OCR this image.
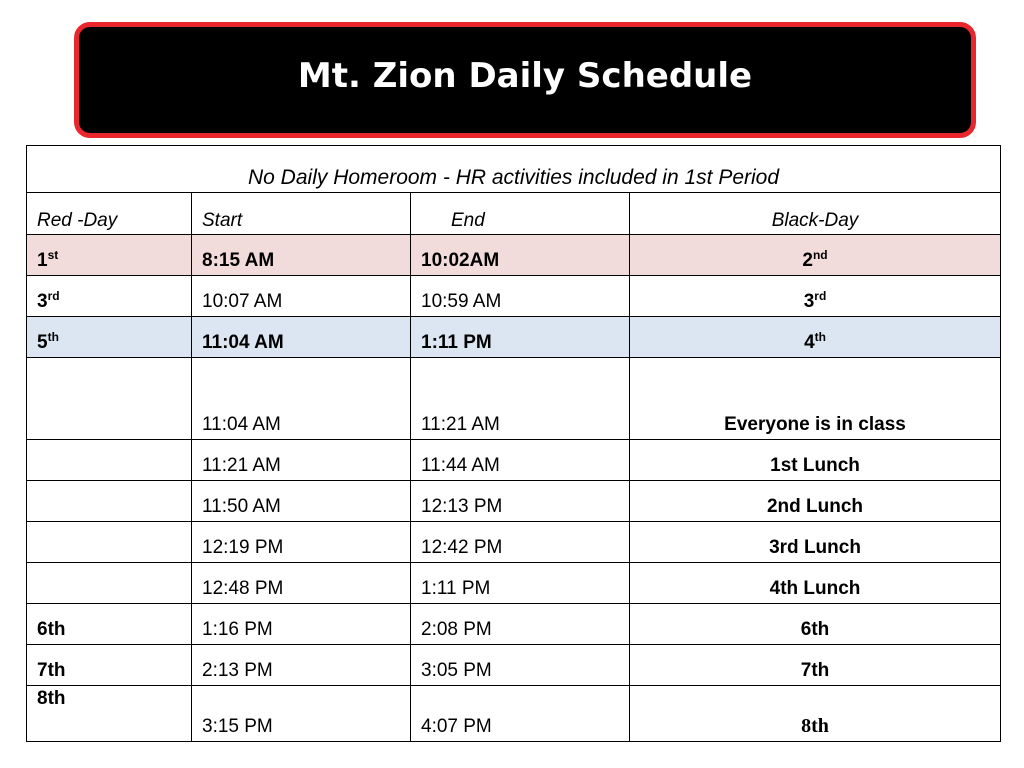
Mt. Zion Daily Schedule
No Daily Homeroom - HR activities included in 1st Period			
Red -Day	Start	End	Black-Day
1st	8:15 AM	10:02AM	2nd
3rd	10:07 AM	10:59 AM	3rd
5th	11:04 AM	1:11 PM	4th
	11:04 AM	11:21 AM	Everyone is in class
	11:21 AM	11:44 AM	1st Lunch
	11:50 AM	12:13 PM	2nd Lunch
	12:19 PM	12:42 PM	3rd Lunch
	12:48 PM	1:11 PM	4th Lunch
6th	1:16 PM	2:08 PM	6th
7th	2:13 PM	3:05 PM	7th
8th	3:15 PM	4:07 PM	8th
